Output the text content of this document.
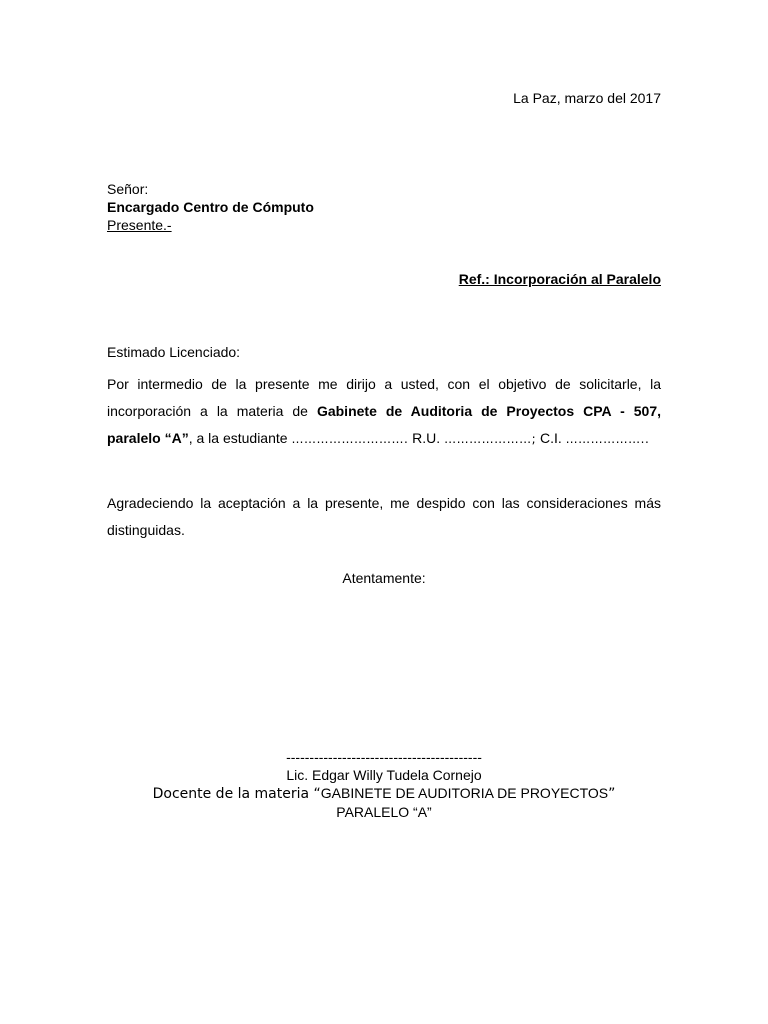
La Paz, marzo del 2017
Señor:
Encargado Centro de Cómputo
Presente.-
Ref.: Incorporación al Paralelo
Estimado Licenciado:
Por intermedio de la presente me dirijo a usted, con el objetivo de solicitarle, la
incorporación a la materia de Gabinete de Auditoria de Proyectos CPA - 507,
paralelo “A”, a la estudiante ………………………. R.U. …………………; C.I. ………………..
Agradeciendo la aceptación a la presente, me despido con las consideraciones más
distinguidas.
Atentamente:
------------------------------------------
Lic. Edgar Willy Tudela Cornejo
Docente de la materia “GABINETE DE AUDITORIA DE PROYECTOS”
PARALELO “A”
